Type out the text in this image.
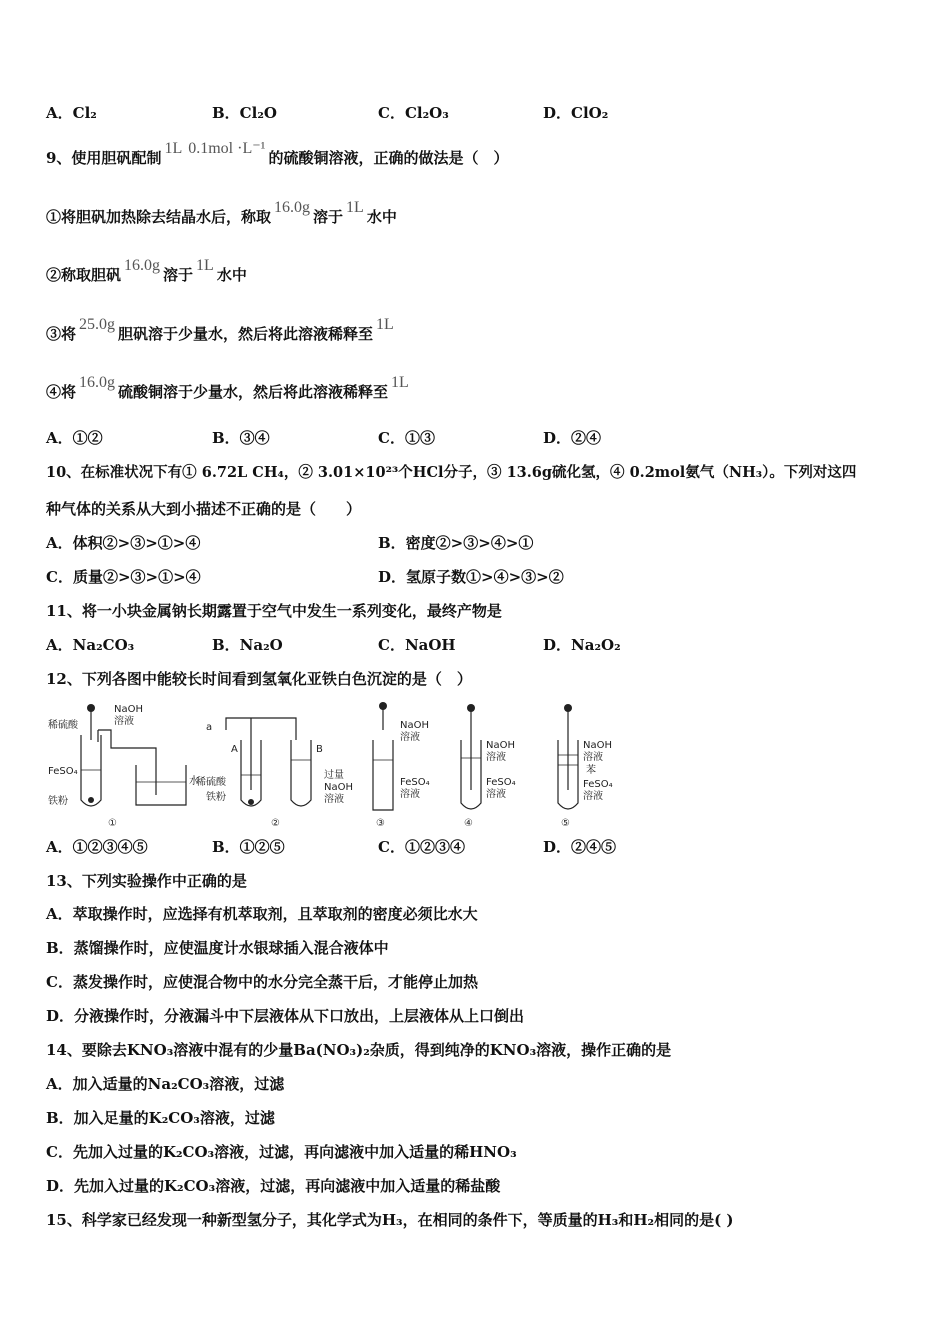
A．Cl₂	B．Cl₂O	C．Cl₂O₃	D．ClO₂
9、使用胆矾配制1L 0.1mol ·L⁻¹的硫酸铜溶液，正确的做法是（　）
①将胆矾加热除去结晶水后，称取16.0g溶于1L水中
②称取胆矾16.0g溶于1L水中
③将25.0g胆矾溶于少量水，然后将此溶液稀释至1L
④将16.0g硫酸铜溶于少量水，然后将此溶液稀释至1L
A．①②	B．③④	C．①③	D．②④
10、在标准状况下有① 6.72L CH₄，② 3.01×10²³个HCl分子，③ 13.6g硫化氢，④ 0.2mol氨气（NH₃）。下列对这四
种气体的关系从大到小描述不正确的是（　　）
A．体积②>③>①>④	B．密度②>③>④>①
C．质量②>③>①>④	D．氢原子数①>④>③>②
11、将一小块金属钠长期露置于空气中发生一系列变化，最终产物是
A．Na₂CO₃	B．Na₂O	C．NaOH	D．Na₂O₂
12、下列各图中能较长时间看到氢氧化亚铁白色沉淀的是（　）
稀硫酸
NaOH
溶液
FeSO₄
铁粉
水
①
a
A	B
稀硫酸
铁粉
过量
NaOH
溶液
②
NaOH
溶液
FeSO₄
溶液
③
NaOH
溶液
FeSO₄
溶液
④
NaOH
溶液
苯
FeSO₄
溶液
⑤
A．①②③④⑤	B．①②⑤	C．①②③④	D．②④⑤
13、下列实验操作中正确的是
A．萃取操作时，应选择有机萃取剂，且萃取剂的密度必须比水大
B．蒸馏操作时，应使温度计水银球插入混合液体中
C．蒸发操作时，应使混合物中的水分完全蒸干后，才能停止加热
D．分液操作时，分液漏斗中下层液体从下口放出，上层液体从上口倒出
14、要除去KNO₃溶液中混有的少量Ba(NO₃)₂杂质，得到纯净的KNO₃溶液，操作正确的是
A．加入适量的Na₂CO₃溶液，过滤
B．加入足量的K₂CO₃溶液，过滤
C．先加入过量的K₂CO₃溶液，过滤，再向滤液中加入适量的稀HNO₃
D．先加入过量的K₂CO₃溶液，过滤，再向滤液中加入适量的稀盐酸
15、科学家已经发现一种新型氢分子，其化学式为H₃，在相同的条件下，等质量的H₃和H₂相同的是( )
